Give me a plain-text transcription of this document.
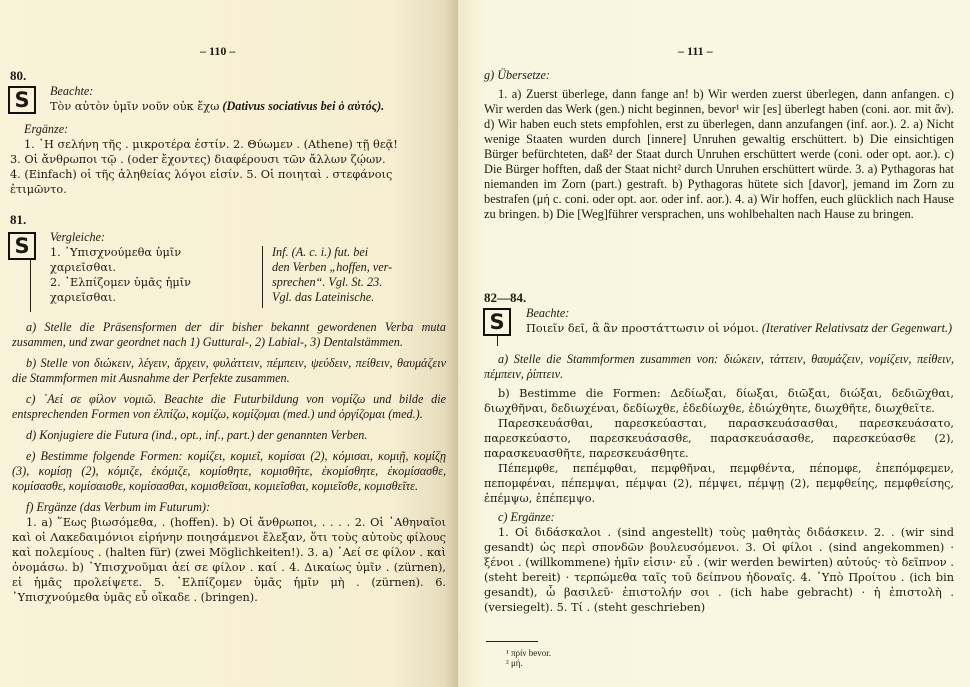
– 110 –
80.
S	Beachte:

Τὸν αὐτὸν ὑμῖν νοῦν οὐκ ἔχω (Dativus sociativus bei ὁ αὐτός).

Ergänze:

1. ῾Η σελήνη τῆς . μικροτέρα ἐστίν. 2. Θύωμεν . (Athene) τῇ θεᾷ!

3. Οἱ ἄνθρωποι τῷ . (oder ἔχοντες) διαφέρουσι τῶν ἄλλων ζῴων.

4. (Einfach) οἱ τῆς ἀληθείας λόγοι εἰσίν. 5. Οἱ ποιηταὶ . στεφάνοις

ἐτιμῶντο.

81.
S	Vergleiche:

1. ῾Υπισχνούμεθα ὑμῖν

χαριεῖσθαι.

2. ᾿Ελπίζομεν ὑμᾶς ἡμῖν

χαριεῖσθαι.

Inf. (A. c. i.) fut. bei

den Verben „hoffen, ver-

sprechen“. Vgl. St. 23.

Vgl. das Lateinische.

a) Stelle die Präsensformen der dir bisher bekannt gewordenen Verba muta zusammen, und zwar geordnet nach 1) Guttural-, 2) Labial-, 3) Dentalstämmen.

b) Stelle von διώκειν, λέγειν, ἄρχειν, φυλάττειν, πέμπειν, ψεύδειν, πείθειν, θαυμάζειν die Stammformen mit Ausnahme der Perfekte zusammen.

c) ᾿Αεί σε φίλον νομιῶ. Beachte die Futurbildung von νομίζω und bilde die entsprechenden Formen von ἐλπίζω, κομίζω, κομίζομαι (med.) und ὀργίζομαι (med.).

d) Konjugiere die Futura (ind., opt., inf., part.) der genannten Verben.

e) Bestimme folgende Formen: κομίζει, κομιεῖ, κομίσαι (2), κόμισαι, κομιῇ, κομίζῃ (3), κομίσῃ (2), κόμιζε, ἐκόμιζε, κομίσθητε, κομισθῆτε, ἐκομίσθητε, ἐκομίσασθε, κομίσασθε, κομίσαισθε, κομίσασθαι, κομισθεῖσαι, κομιεῖσθαι, κομιεῖσθε, κομισθεῖτε.

f) Ergänze (das Verbum im Futurum):

1. a) ῞Εως βιωσόμεθα, . (hoffen). b) Οἱ ἄνθρωποι, . . . . 2. Οἱ ᾿Αθηναῖοι καὶ οἱ Λακεδαιμόνιοι εἰρήνην ποιησάμενοι ἔλεξαν, ὅτι τοὺς αὐτοὺς φίλους καὶ πολεμίους . (halten für) (zwei Möglichkeiten!). 3. a) ᾿Αεί σε φίλον . καὶ ὀνομάσω. b) ῾Υπισχνοῦμαι ἀεί σε φίλον . καί . 4. Δικαίως ὑμῖν . (zürnen), εἰ ἡμᾶς προλείψετε. 5. ᾿Ελπίζομεν ὑμᾶς ἡμῖν μὴ . (zürnen). 6. ῾Υπισχνούμεθα ὑμᾶς εὖ οἴκαδε . (bringen).

– 111 –

g) Übersetze:

1. a) Zuerst überlege, dann fange an! b) Wir werden zuerst überlegen, dann anfangen. c) Wir werden das Werk (gen.) nicht beginnen, bevor¹ wir [es] überlegt haben (coni. aor. mit ἄν). d) Wir haben euch stets empfohlen, erst zu überlegen, dann anzufangen (inf. aor.). 2. a) Nicht wenige Staaten wurden durch [innere] Unruhen gewaltig erschüttert. b) Die einsichtigen Bürger befürchteten, daß² der Staat durch Unruhen erschüttert werde (coni. oder opt. aor.). c) Die Bürger hofften, daß der Staat nicht² durch Unruhen erschüttert würde. 3. a) Pythagoras hat niemanden im Zorn (part.) gestraft. b) Pythagoras hütete sich [davor], jemand im Zorn zu bestrafen (μή c. coni. oder opt. aor. oder inf. aor.). 4. a) Wir hoffen, euch glücklich nach Hause zu bringen. b) Die [Weg]führer versprachen, uns wohlbehalten nach Hause zu bringen.

82—84.
S	Beachte:

Ποιεῖν δεῖ, ἃ ἂν προστάττωσιν οἱ νόμοι. (Iterativer Relativsatz der Gegenwart.)

a) Stelle die Stammformen zusammen von: διώκειν, τάττειν, θαυμάζειν, νομίζειν, πείθειν, πέμπειν, ῥίπτειν.

b) Bestimme die Formen: Δεδίωξαι, δίωξαι, διῶξαι, διώξαι, δεδιῶχθαι, διωχθῆναι, δεδιωχέναι, δεδίωχθε, ἐδεδίωχθε, ἐδιώχθητε, διωχθῆτε, διωχθεῖτε.

Παρεσκευάσθαι, παρεσκεύασται, παρασκευάσασθαι, παρεσκευάσατο, παρεσκεύαστο, παρεσκευάσασθε, παρασκευάσασθε, παρεσκεύασθε (2), παρασκευασθῆτε, παρεσκευάσθητε.

Πέπεμφθε, πεπέμφθαι, πεμφθῆναι, πεμφθέντα, πέπομφε, ἐπεπόμφεμεν, πεπομφέναι, πέπεμψαι, πέμψαι (2), πέμψει, πέμψῃ (2), πεμφθείης, πεμφθείσης, ἐπέμψω, ἐπέπεμψο.

c) Ergänze:

1. Οἱ διδάσκαλοι . (sind angestellt) τοὺς μαθητὰς διδάσκειν. 2. . (wir sind gesandt) ὡς περὶ σπονδῶν βουλευσόμενοι. 3. Οἱ φίλοι . (sind angekommen) · ξένοι . (willkommene) ἡμῖν εἰσιν· εὖ . (wir werden bewirten) αὐτούς· τὸ δεῖπνον . (steht bereit) · τερπώμεθα ταῖς τοῦ δείπνου ἡδοναῖς. 4. ῾Υπὸ Προίτου . (ich bin gesandt), ὦ βασιλεῦ· ἐπιστολήν σοι . (ich habe gebracht) · ἡ ἐπιστολὴ . (versiegelt). 5. Τί . (steht geschrieben)

¹ πρίν bevor.

² μή.
